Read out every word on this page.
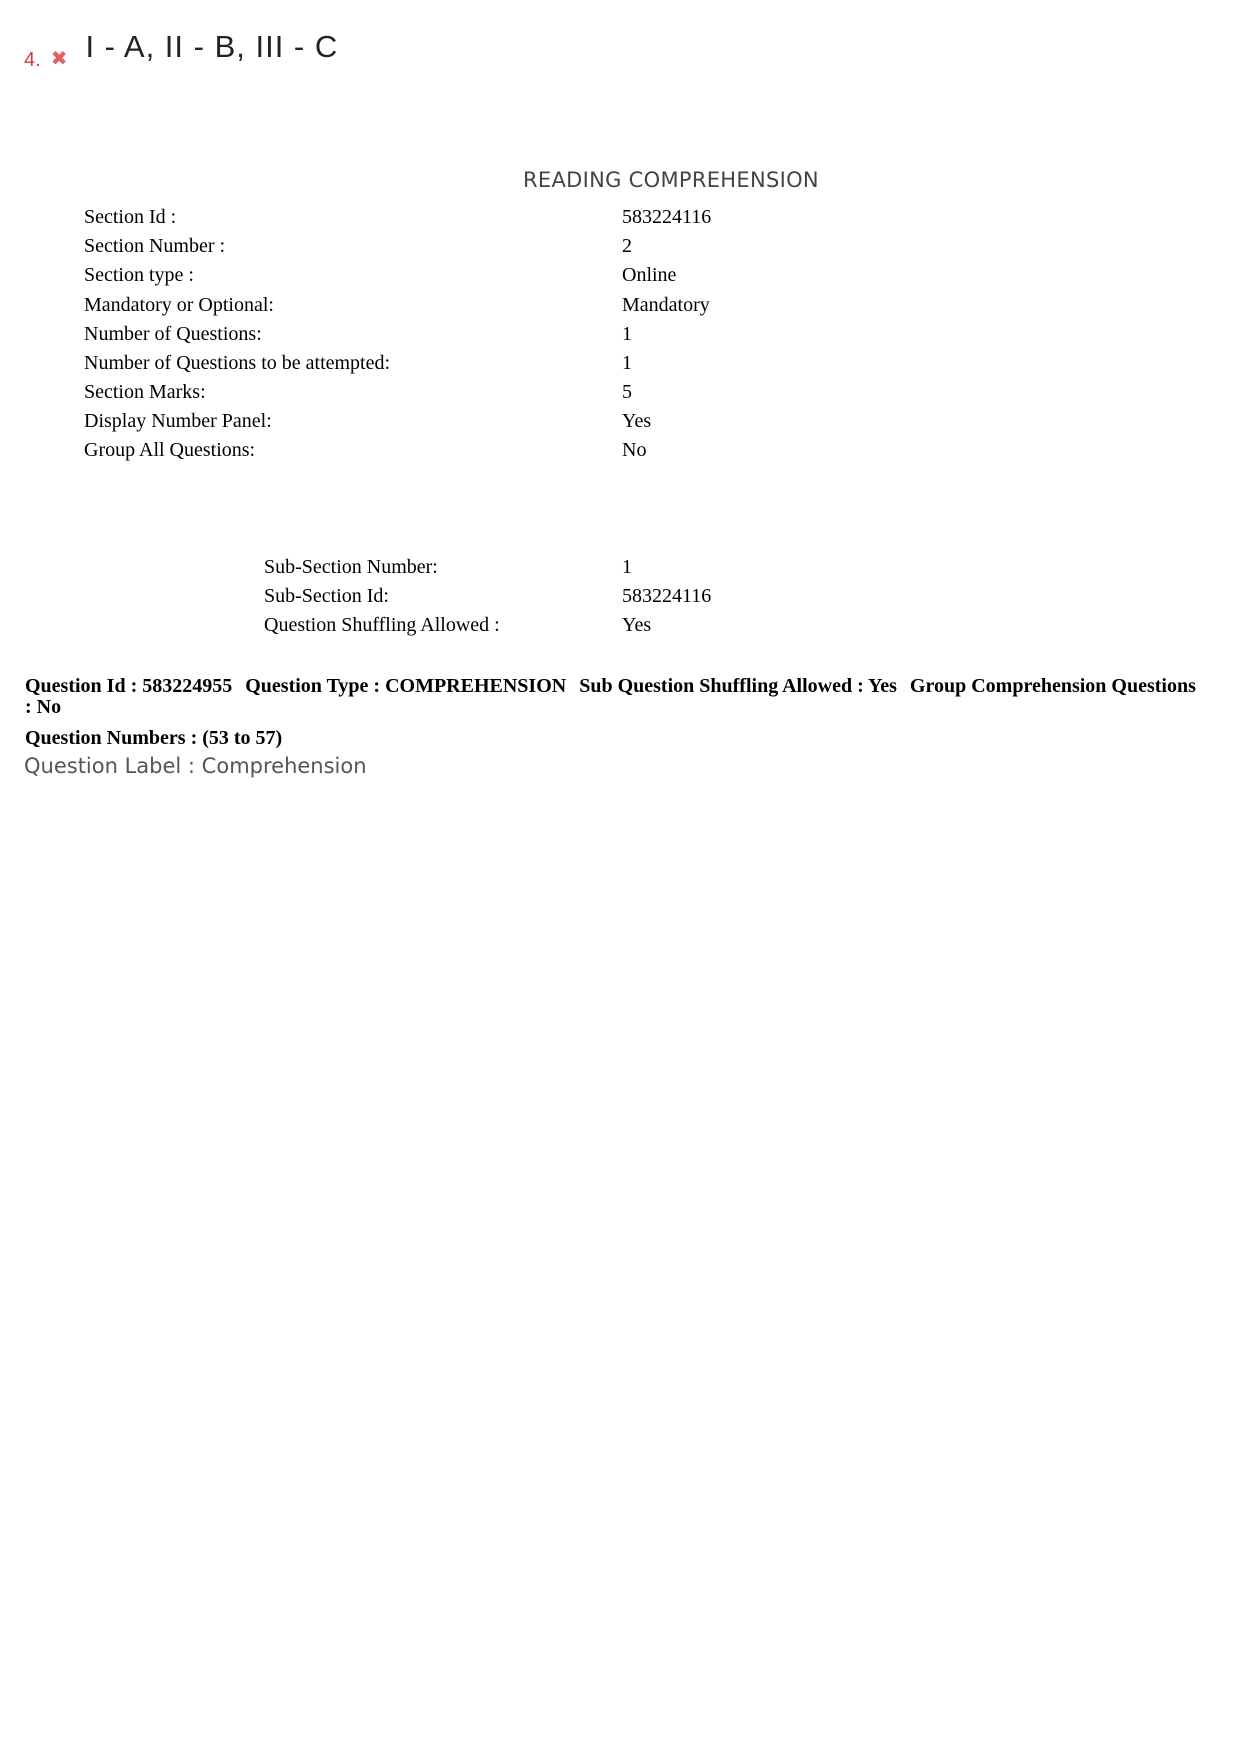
4. ✖ I - A, II - B, III - C
READING COMPREHENSION
Section Id :	583224116
Section Number :	2
Section type :	Online
Mandatory or Optional:	Mandatory
Number of Questions:	1
Number of Questions to be attempted:	1
Section Marks:	5
Display Number Panel:	Yes
Group All Questions:	No
Sub-Section Number:	1
Sub-Section Id:	583224116
Question Shuffling Allowed :	Yes
Question Id : 583224955 Question Type : COMPREHENSION Sub Question Shuffling Allowed : Yes Group Comprehension Questions : No
Question Numbers : (53 to 57)
Question Label : Comprehension
